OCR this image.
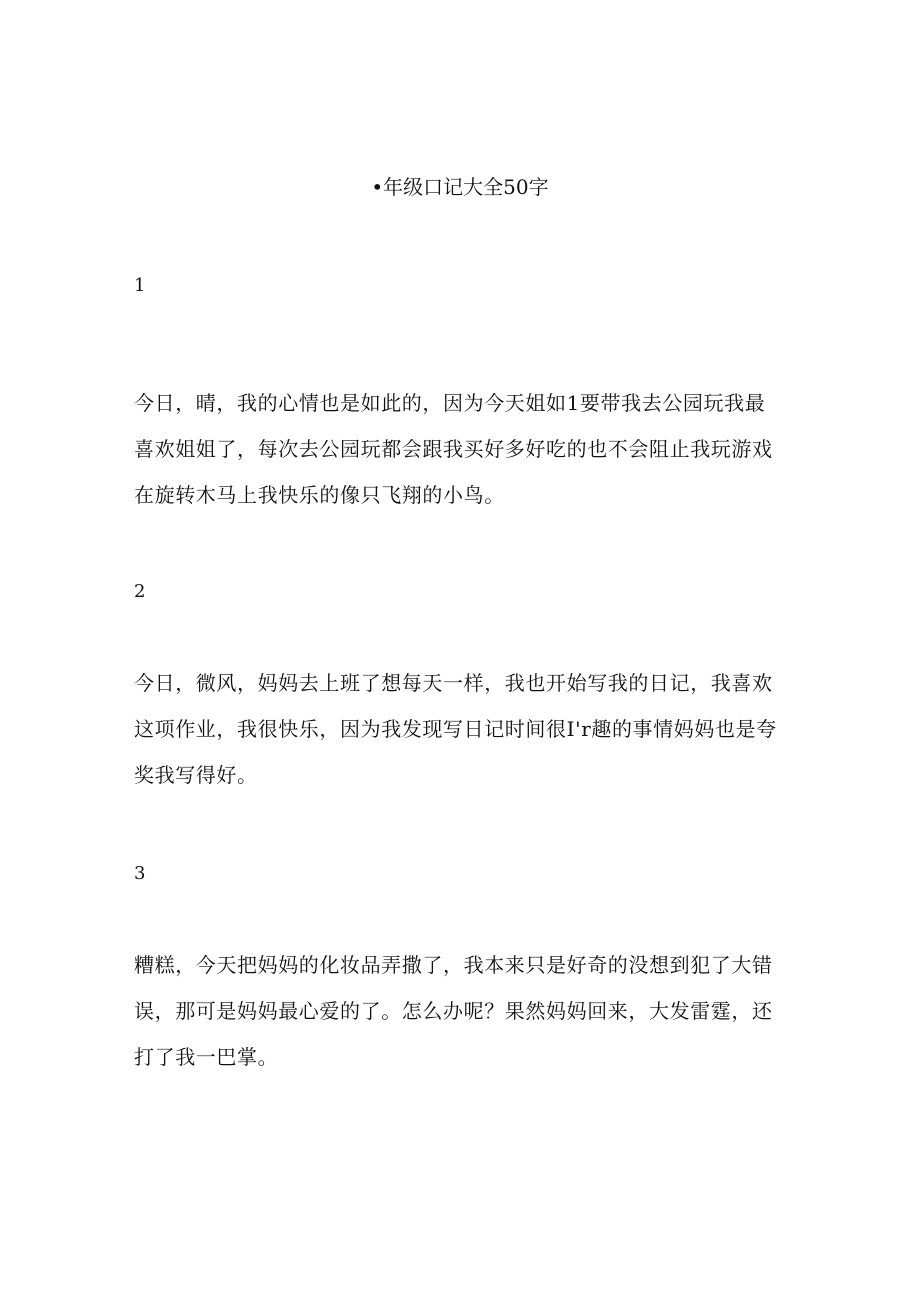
•年级口记大全50字
1

今日，晴，我的心情也是如此的，因为今天姐如1要带我去公园玩我最喜欢姐姐了，每次去公园玩都会跟我买好多好吃的也不会阻止我玩游戏在旋转木马上我快乐的像只飞翔的小鸟。

2

今日，微风，妈妈去上班了想每天一样，我也开始写我的日记，我喜欢这项作业，我很快乐，因为我发现写日记时间很I'r趣的事情妈妈也是夸奖我写得好。

3

糟糕，今天把妈妈的化妆品弄撒了，我本来只是好奇的没想到犯了大错误，那可是妈妈最心爱的了。怎么办呢？果然妈妈回来，大发雷霆，还打了我一巴掌。
